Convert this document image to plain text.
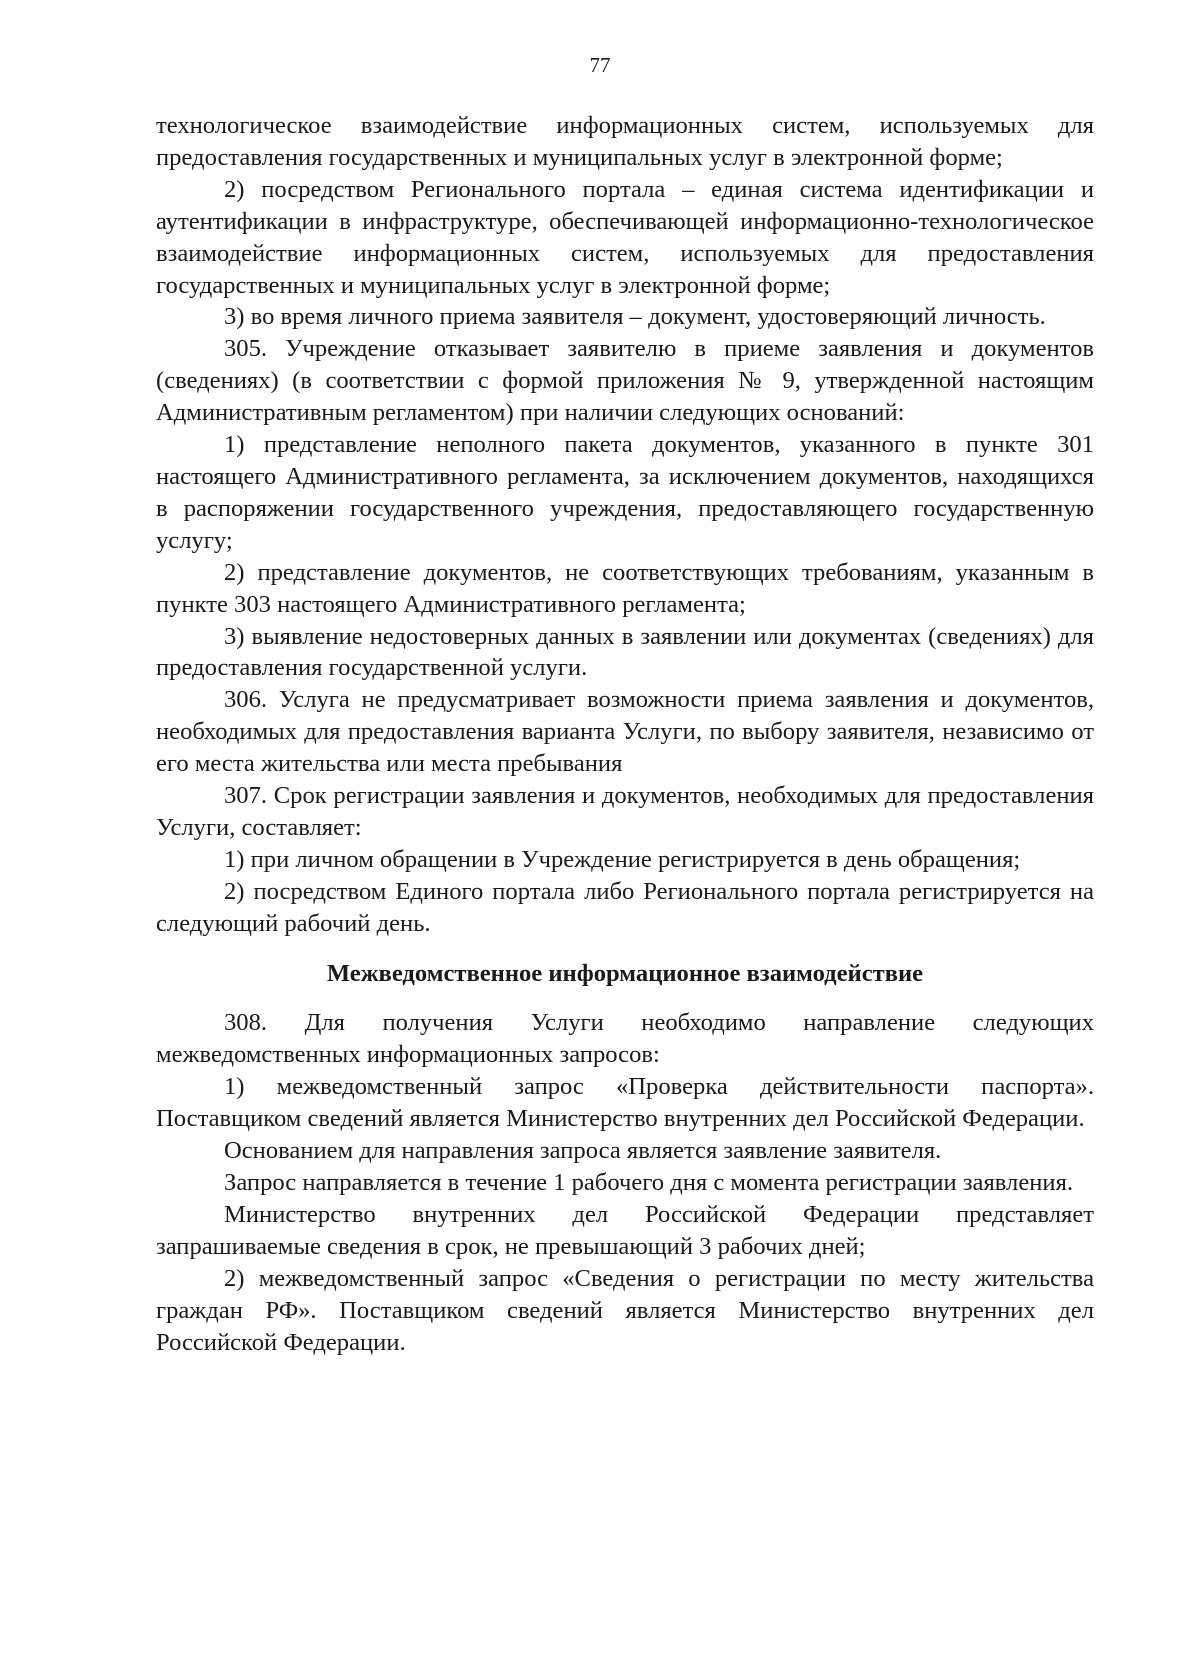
77

технологическое взаимодействие информационных систем, используемых для предоставления государственных и муниципальных услуг в электронной форме;

2) посредством Регионального портала – единая система идентификации и аутентификации в инфраструктуре, обеспечивающей информационно-технологическое взаимодействие информационных систем, используемых для предоставления государственных и муниципальных услуг в электронной форме;

3) во время личного приема заявителя – документ, удостоверяющий личность.

305. Учреждение отказывает заявителю в приеме заявления и документов (сведениях) (в соответствии с формой приложения № 9, утвержденной настоящим Административным регламентом) при наличии следующих оснований:

1) представление неполного пакета документов, указанного в пункте 301 настоящего Административного регламента, за исключением документов, находящихся в распоряжении государственного учреждения, предоставляющего государственную услугу;

2) представление документов, не соответствующих требованиям, указанным в пункте 303 настоящего Административного регламента;

3) выявление недостоверных данных в заявлении или документах (сведениях) для предоставления государственной услуги.

306. Услуга не предусматривает возможности приема заявления и документов, необходимых для предоставления варианта Услуги, по выбору заявителя, независимо от его места жительства или места пребывания

307. Срок регистрации заявления и документов, необходимых для предоставления Услуги, составляет:

1) при личном обращении в Учреждение регистрируется в день обращения;

2) посредством Единого портала либо Регионального портала регистрируется на следующий рабочий день.

Межведомственное информационное взаимодействие

308. Для получения Услуги необходимо направление следующих межведомственных информационных запросов:

1) межведомственный запрос «Проверка действительности паспорта». Поставщиком сведений является Министерство внутренних дел Российской Федерации.

Основанием для направления запроса является заявление заявителя.

Запрос направляется в течение 1 рабочего дня с момента регистрации заявления.

Министерство внутренних дел Российской Федерации представляет запрашиваемые сведения в срок, не превышающий 3 рабочих дней;

2) межведомственный запрос «Сведения о регистрации по месту жительства граждан РФ». Поставщиком сведений является Министерство внутренних дел Российской Федерации.
